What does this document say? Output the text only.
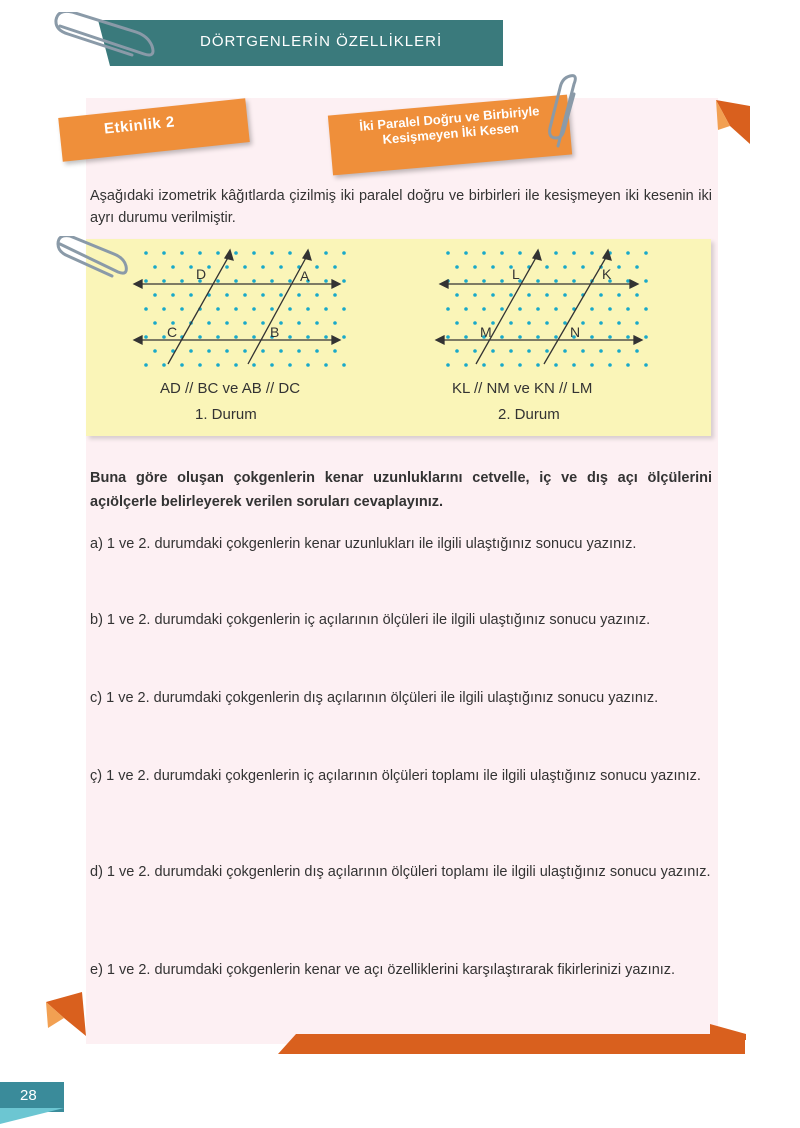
DÖRTGENLERİN ÖZELLİKLERİ
Etkinlik 2	İki Paralel Doğru ve Birbiriyle Kesişmeyen İki Kesen
Aşağıdaki izometrik kâğıtlarda çizilmiş iki paralel doğru ve birbirleri ile kesişmeyen iki kesenin iki ayrı durumu verilmiştir.
D	A
C	B
AD // BC ve AB // DC
1. Durum
L	K
M	N
KL // NM ve KN // LM
2. Durum
Buna göre oluşan çokgenlerin kenar uzunluklarını cetvelle, iç ve dış açı ölçülerini açıölçerle belirleyerek verilen soruları cevaplayınız.
a) 1 ve 2. durumdaki çokgenlerin kenar uzunlukları ile ilgili ulaştığınız sonucu yazınız.
b) 1 ve 2. durumdaki çokgenlerin iç açılarının ölçüleri ile ilgili ulaştığınız sonucu yazınız.
c) 1 ve 2. durumdaki çokgenlerin dış açılarının ölçüleri ile ilgili ulaştığınız sonucu yazınız.
ç) 1 ve 2. durumdaki çokgenlerin iç açılarının ölçüleri toplamı ile ilgili ulaştığınız sonucu yazınız.
d) 1 ve 2. durumdaki çokgenlerin dış açılarının ölçüleri toplamı ile ilgili ulaştığınız sonucu yazınız.
e) 1 ve 2. durumdaki çokgenlerin kenar ve açı özelliklerini karşılaştırarak fikirlerinizi yazınız.
28
